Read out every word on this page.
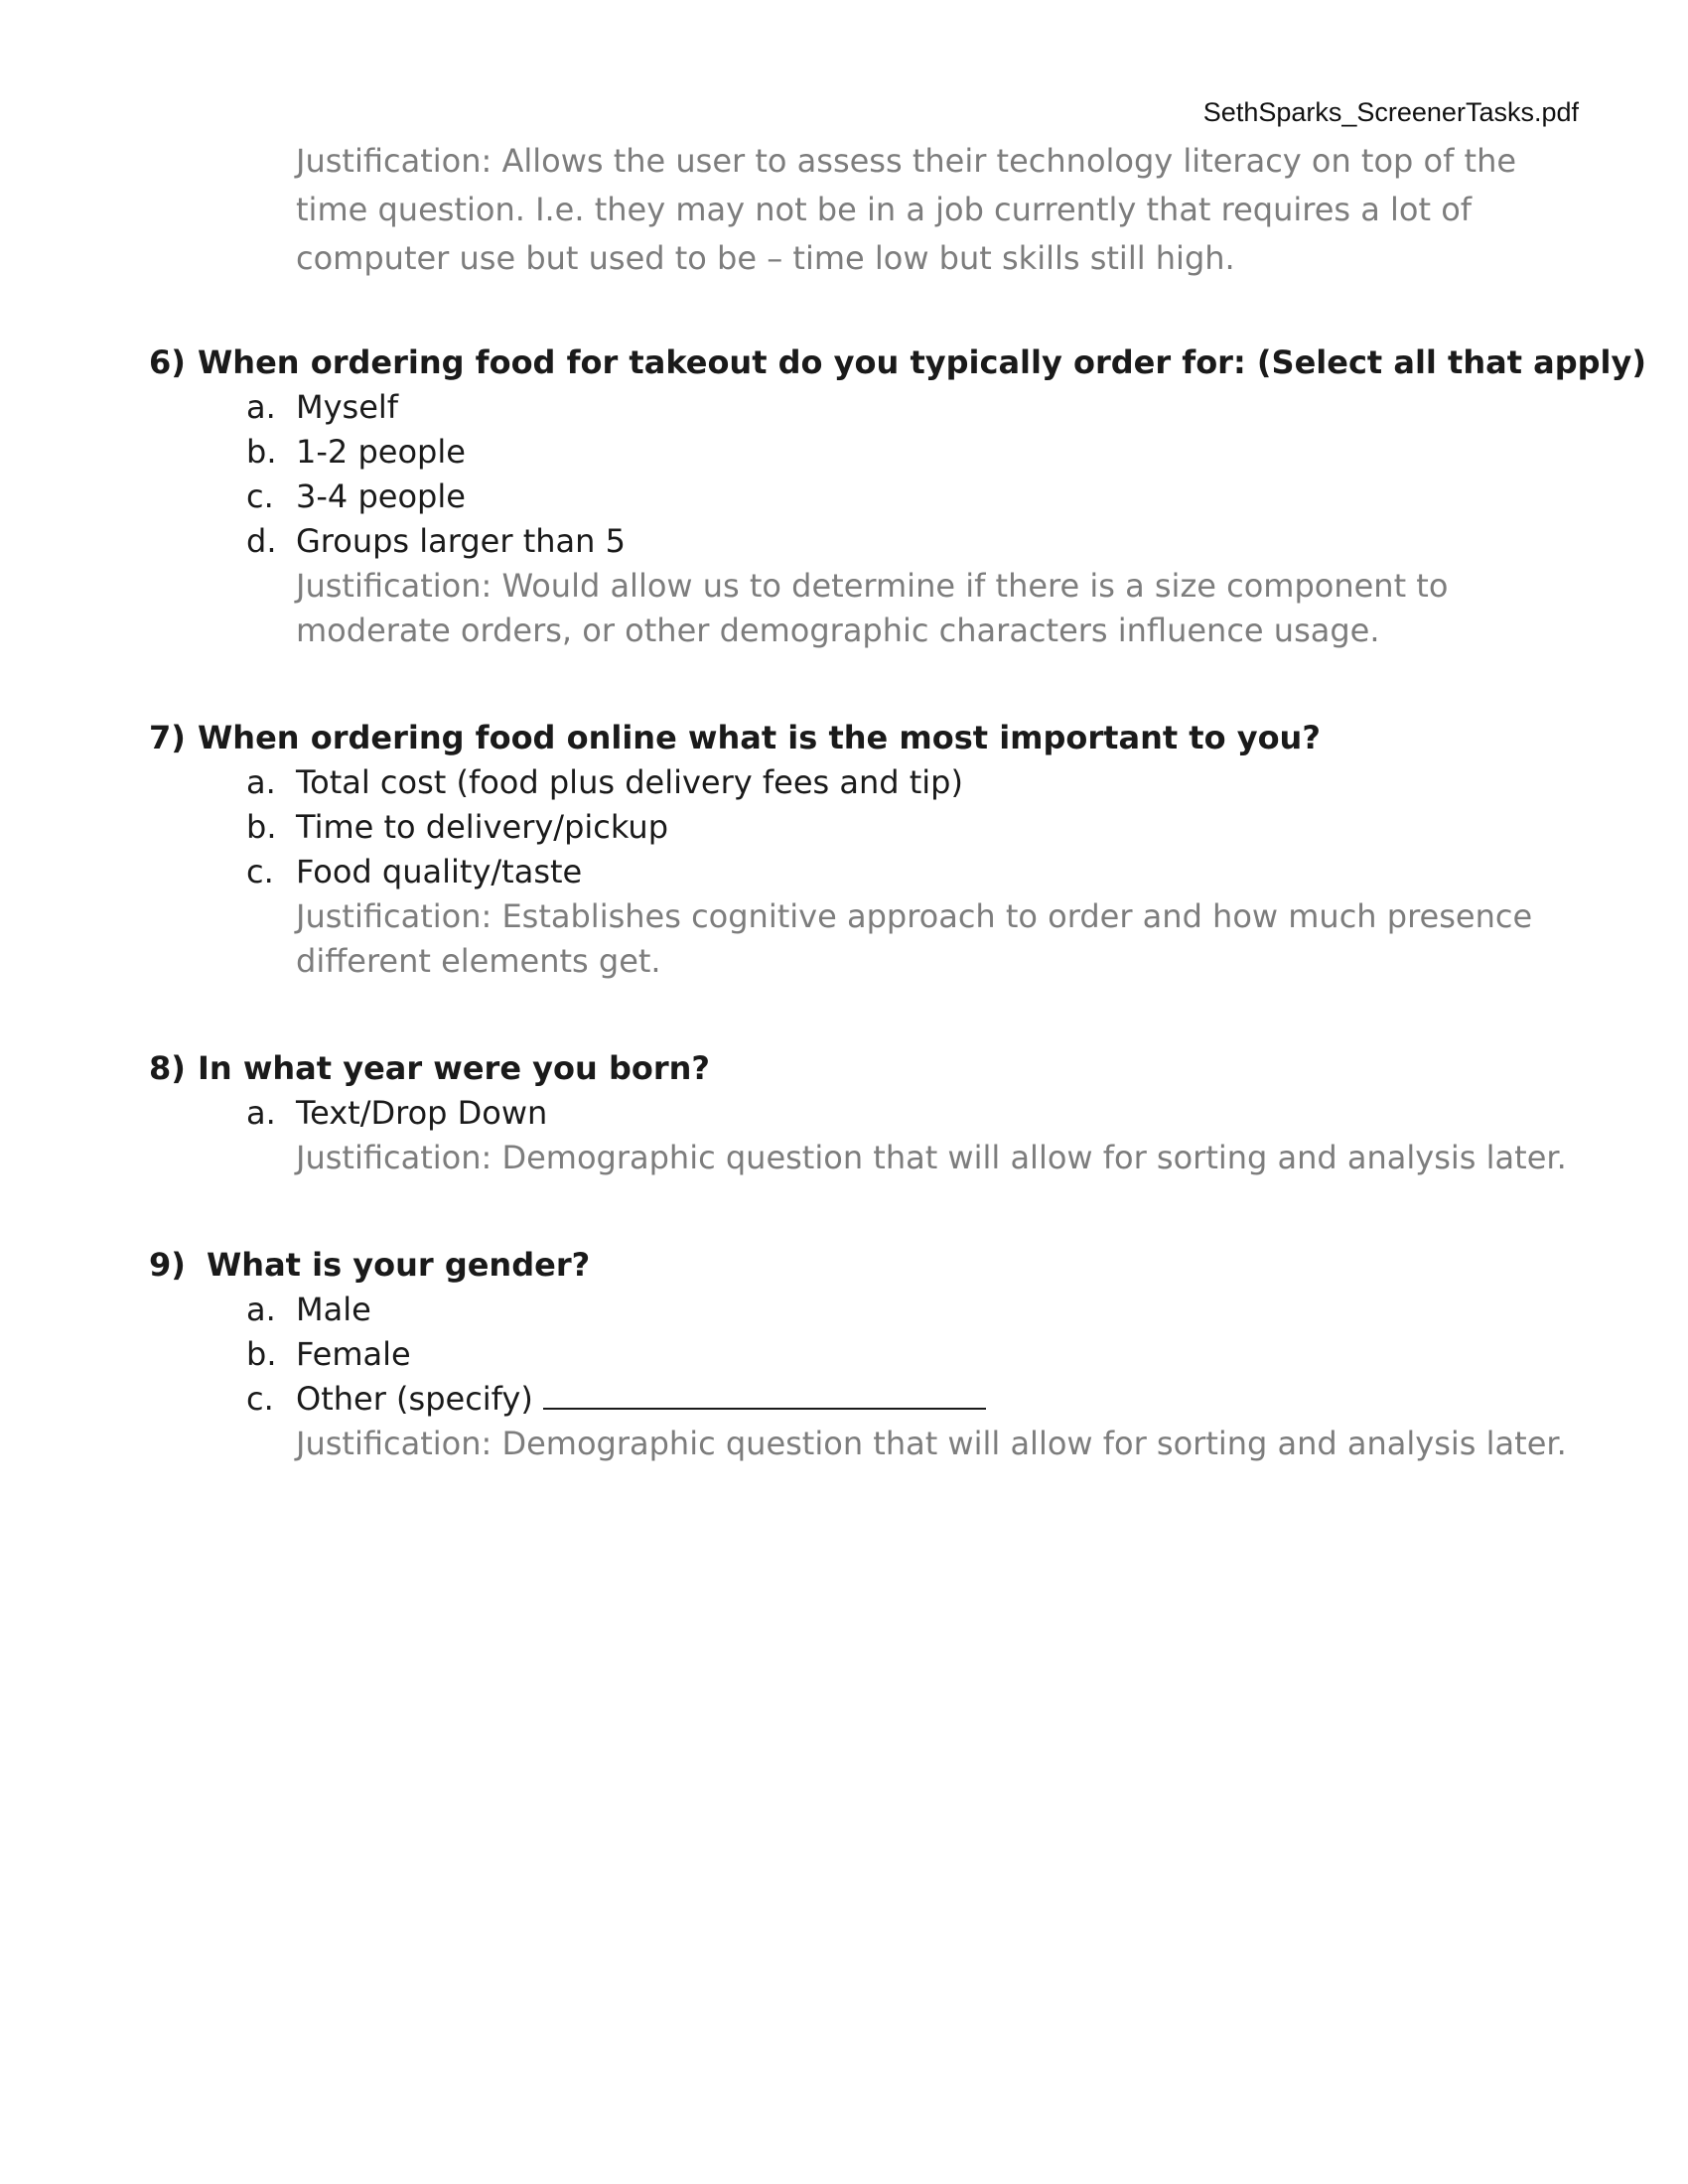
SethSparks_ScreenerTasks.pdf
Justification: Allows the user to assess their technology literacy on top of the time question. I.e. they may not be in a job currently that requires a lot of computer use but used to be – time low but skills still high.
6) When ordering food for takeout do you typically order for: (Select all that apply)
a. Myself
b. 1-2 people
c. 3-4 people
d. Groups larger than 5
Justification: Would allow us to determine if there is a size component to moderate orders, or other demographic characters influence usage.
7) When ordering food online what is the most important to you?
a. Total cost (food plus delivery fees and tip)
b. Time to delivery/pickup
c. Food quality/taste
Justification: Establishes cognitive approach to order and how much presence different elements get.
8) In what year were you born?
a. Text/Drop Down
Justification: Demographic question that will allow for sorting and analysis later.
9) What is your gender?
a. Male
b. Female
c. Other (specify)
Justification: Demographic question that will allow for sorting and analysis later.
